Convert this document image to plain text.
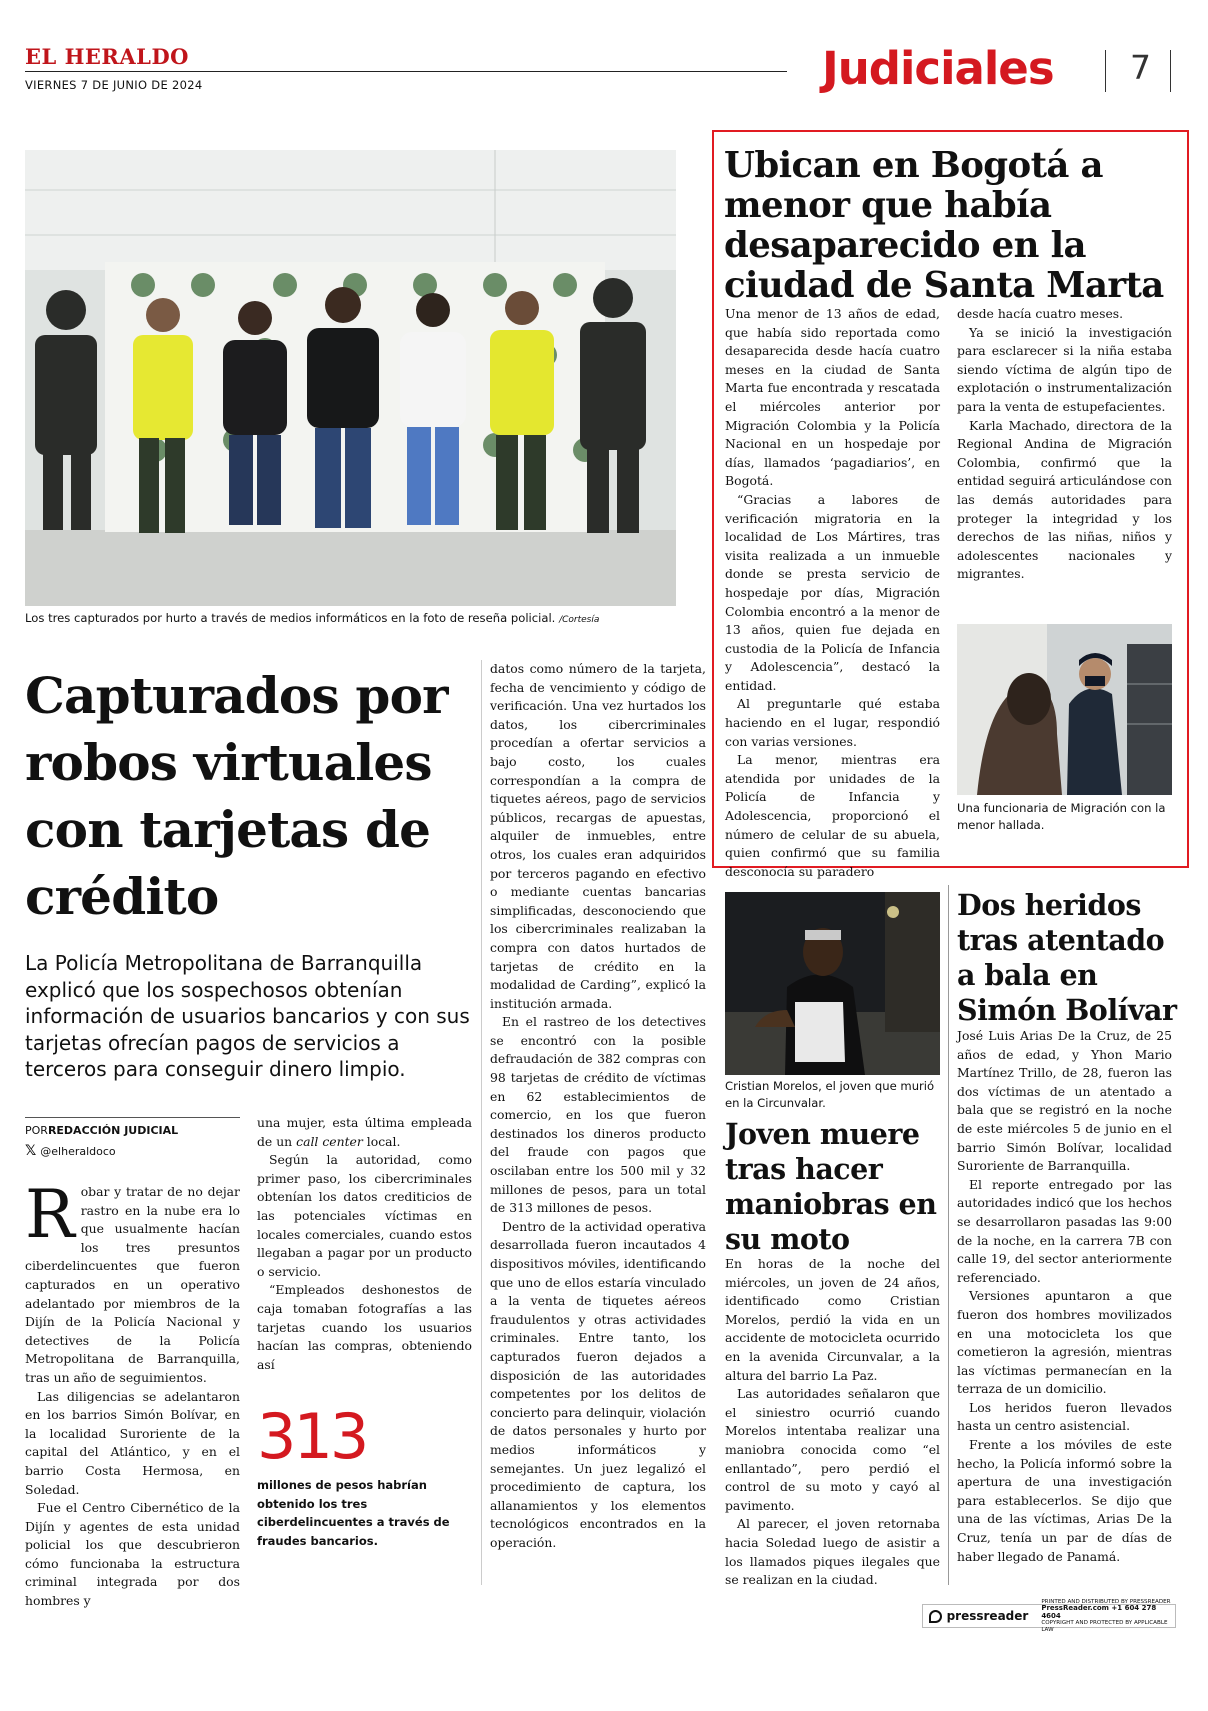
EL HERALDO
VIERNES 7 DE JUNIO DE 2024	Judiciales 7
Los tres capturados por hurto a través de medios informáticos en la foto de reseña policial. /Cortesía
Capturados por robos virtuales con tarjetas de crédito
La Policía Metropolitana de Barranquilla explicó que los sospechosos obtenían información de usuarios bancarios y con sus tarjetas ofrecían pagos de servicios a terceros para conseguir dinero limpio.
PORREDACCIÓN JUDICIAL
𝕏 @elheraldoco

Robar y tratar de no dejar rastro en la nube era lo que usualmente hacían los tres presuntos ciberdelincuentes que fueron capturados en un operativo adelantado por miembros de la Dijín de la Policía Nacional y detectives de la Policía Metropolitana de Barranquilla, tras un año de seguimientos.

Las diligencias se adelantaron en los barrios Simón Bolívar, en la localidad Suroriente de la capital del Atlántico, y en el barrio Costa Hermosa, en Soledad.

Fue el Centro Cibernético de la Dijín y agentes de esta unidad policial los que descubrieron cómo funcionaba la estructura criminal integrada por dos hombres y

una mujer, esta última empleada de un call center local.

Según la autoridad, como primer paso, los cibercriminales obtenían los datos crediticios de las potenciales víctimas en locales comerciales, cuando estos llegaban a pagar por un producto o servicio.

“Empleados deshonestos de caja tomaban fotografías a las tarjetas cuando los usuarios hacían las compras, obteniendo así

313
millones de pesos habrían obtenido los tres ciberdelincuentes a través de fraudes bancarios.

datos como número de la tarjeta, fecha de vencimiento y código de verificación. Una vez hurtados los datos, los cibercriminales procedían a ofertar servicios a bajo costo, los cuales correspondían a la compra de tiquetes aéreos, pago de servicios públicos, recargas de apuestas, alquiler de inmuebles, entre otros, los cuales eran adquiridos por terceros pagando en efectivo o mediante cuentas bancarias simplificadas, desconociendo que los cibercriminales realizaban la compra con datos hurtados de tarjetas de crédito en la modalidad de Carding”, explicó la institución armada.

En el rastreo de los detectives se encontró con la posible defraudación de 382 compras con 98 tarjetas de crédito de víctimas en 62 establecimientos de comercio, en los que fueron destinados los dineros producto del fraude con pagos que oscilaban entre los 500 mil y 32 millones de pesos, para un total de 313 millones de pesos.

Dentro de la actividad operativa desarrollada fueron incautados 4 dispositivos móviles, identificando que uno de ellos estaría vinculado a la venta de tiquetes aéreos fraudulentos y otras actividades criminales. Entre tanto, los capturados fueron dejados a disposición de las autoridades competentes por los delitos de concierto para delinquir, violación de datos personales y hurto por medios informáticos y semejantes. Un juez legalizó el procedimiento de captura, los allanamientos y los elementos tecnológicos encontrados en la operación.

Ubican en Bogotá a menor que había desaparecido en la ciudad de Santa Marta

Una menor de 13 años de edad, que había sido reportada como desaparecida desde hacía cuatro meses en la ciudad de Santa Marta fue encontrada y rescatada el miércoles anterior por Migración Colombia y la Policía Nacional en un hospedaje por días, llamados ‘pagadiarios’, en Bogotá.

“Gracias a labores de verificación migratoria en la localidad de Los Mártires, tras visita realizada a un inmueble donde se presta servicio de hospedaje por días, Migración Colombia encontró a la menor de 13 años, quien fue dejada en custodia de la Policía de Infancia y Adolescencia”, destacó la entidad.

Al preguntarle qué estaba haciendo en el lugar, respondió con varias versiones.

La menor, mientras era atendida por unidades de la Policía de Infancia y Adolescencia, proporcionó el número de celular de su abuela, quien confirmó que su familia desconocía su paradero

desde hacía cuatro meses.

Ya se inició la investigación para esclarecer si la niña estaba siendo víctima de algún tipo de explotación o instrumentalización para la venta de estupefacientes.

Karla Machado, directora de la Regional Andina de Migración Colombia, confirmó que la entidad seguirá articulándose con las demás autoridades para proteger la integridad y los derechos de las niñas, niños y adolescentes nacionales y migrantes.

Una funcionaria de Migración con la menor hallada.
Cristian Morelos, el joven que murió en la Circunvalar.
Joven muere tras hacer maniobras en su moto

En horas de la noche del miércoles, un joven de 24 años, identificado como Cristian Morelos, perdió la vida en un accidente de motocicleta ocurrido en la avenida Circunvalar, a la altura del barrio La Paz.

Las autoridades señalaron que el siniestro ocurrió cuando Morelos intentaba realizar una maniobra conocida como “el enllantado”, pero perdió el control de su moto y cayó al pavimento.

Al parecer, el joven retornaba hacia Soledad luego de asistir a los llamados piques ilegales que se realizan en la ciudad.

Dos heridos tras atentado a bala en Simón Bolívar

José Luis Arias De la Cruz, de 25 años de edad, y Yhon Mario Martínez Trillo, de 28, fueron las dos víctimas de un atentado a bala que se registró en la noche de este miércoles 5 de junio en el barrio Simón Bolívar, localidad Suroriente de Barranquilla.

El reporte entregado por las autoridades indicó que los hechos se desarrollaron pasadas las 9:00 de la noche, en la carrera 7B con calle 19, del sector anteriormente referenciado.

Versiones apuntaron a que fueron dos hombres movilizados en una motocicleta los que cometieron la agresión, mientras las víctimas permanecían en la terraza de un domicilio.

Los heridos fueron llevados hasta un centro asistencial.

Frente a los móviles de este hecho, la Policía informó sobre la apertura de una investigación para establecerlos. Se dijo que una de las víctimas, Arias De la Cruz, tenía un par de días de haber llegado de Panamá.

pressreader
PRINTED AND DISTRIBUTED BY PRESSREADER
PressReader.com +1 604 278 4604
COPYRIGHT AND PROTECTED BY APPLICABLE LAW
